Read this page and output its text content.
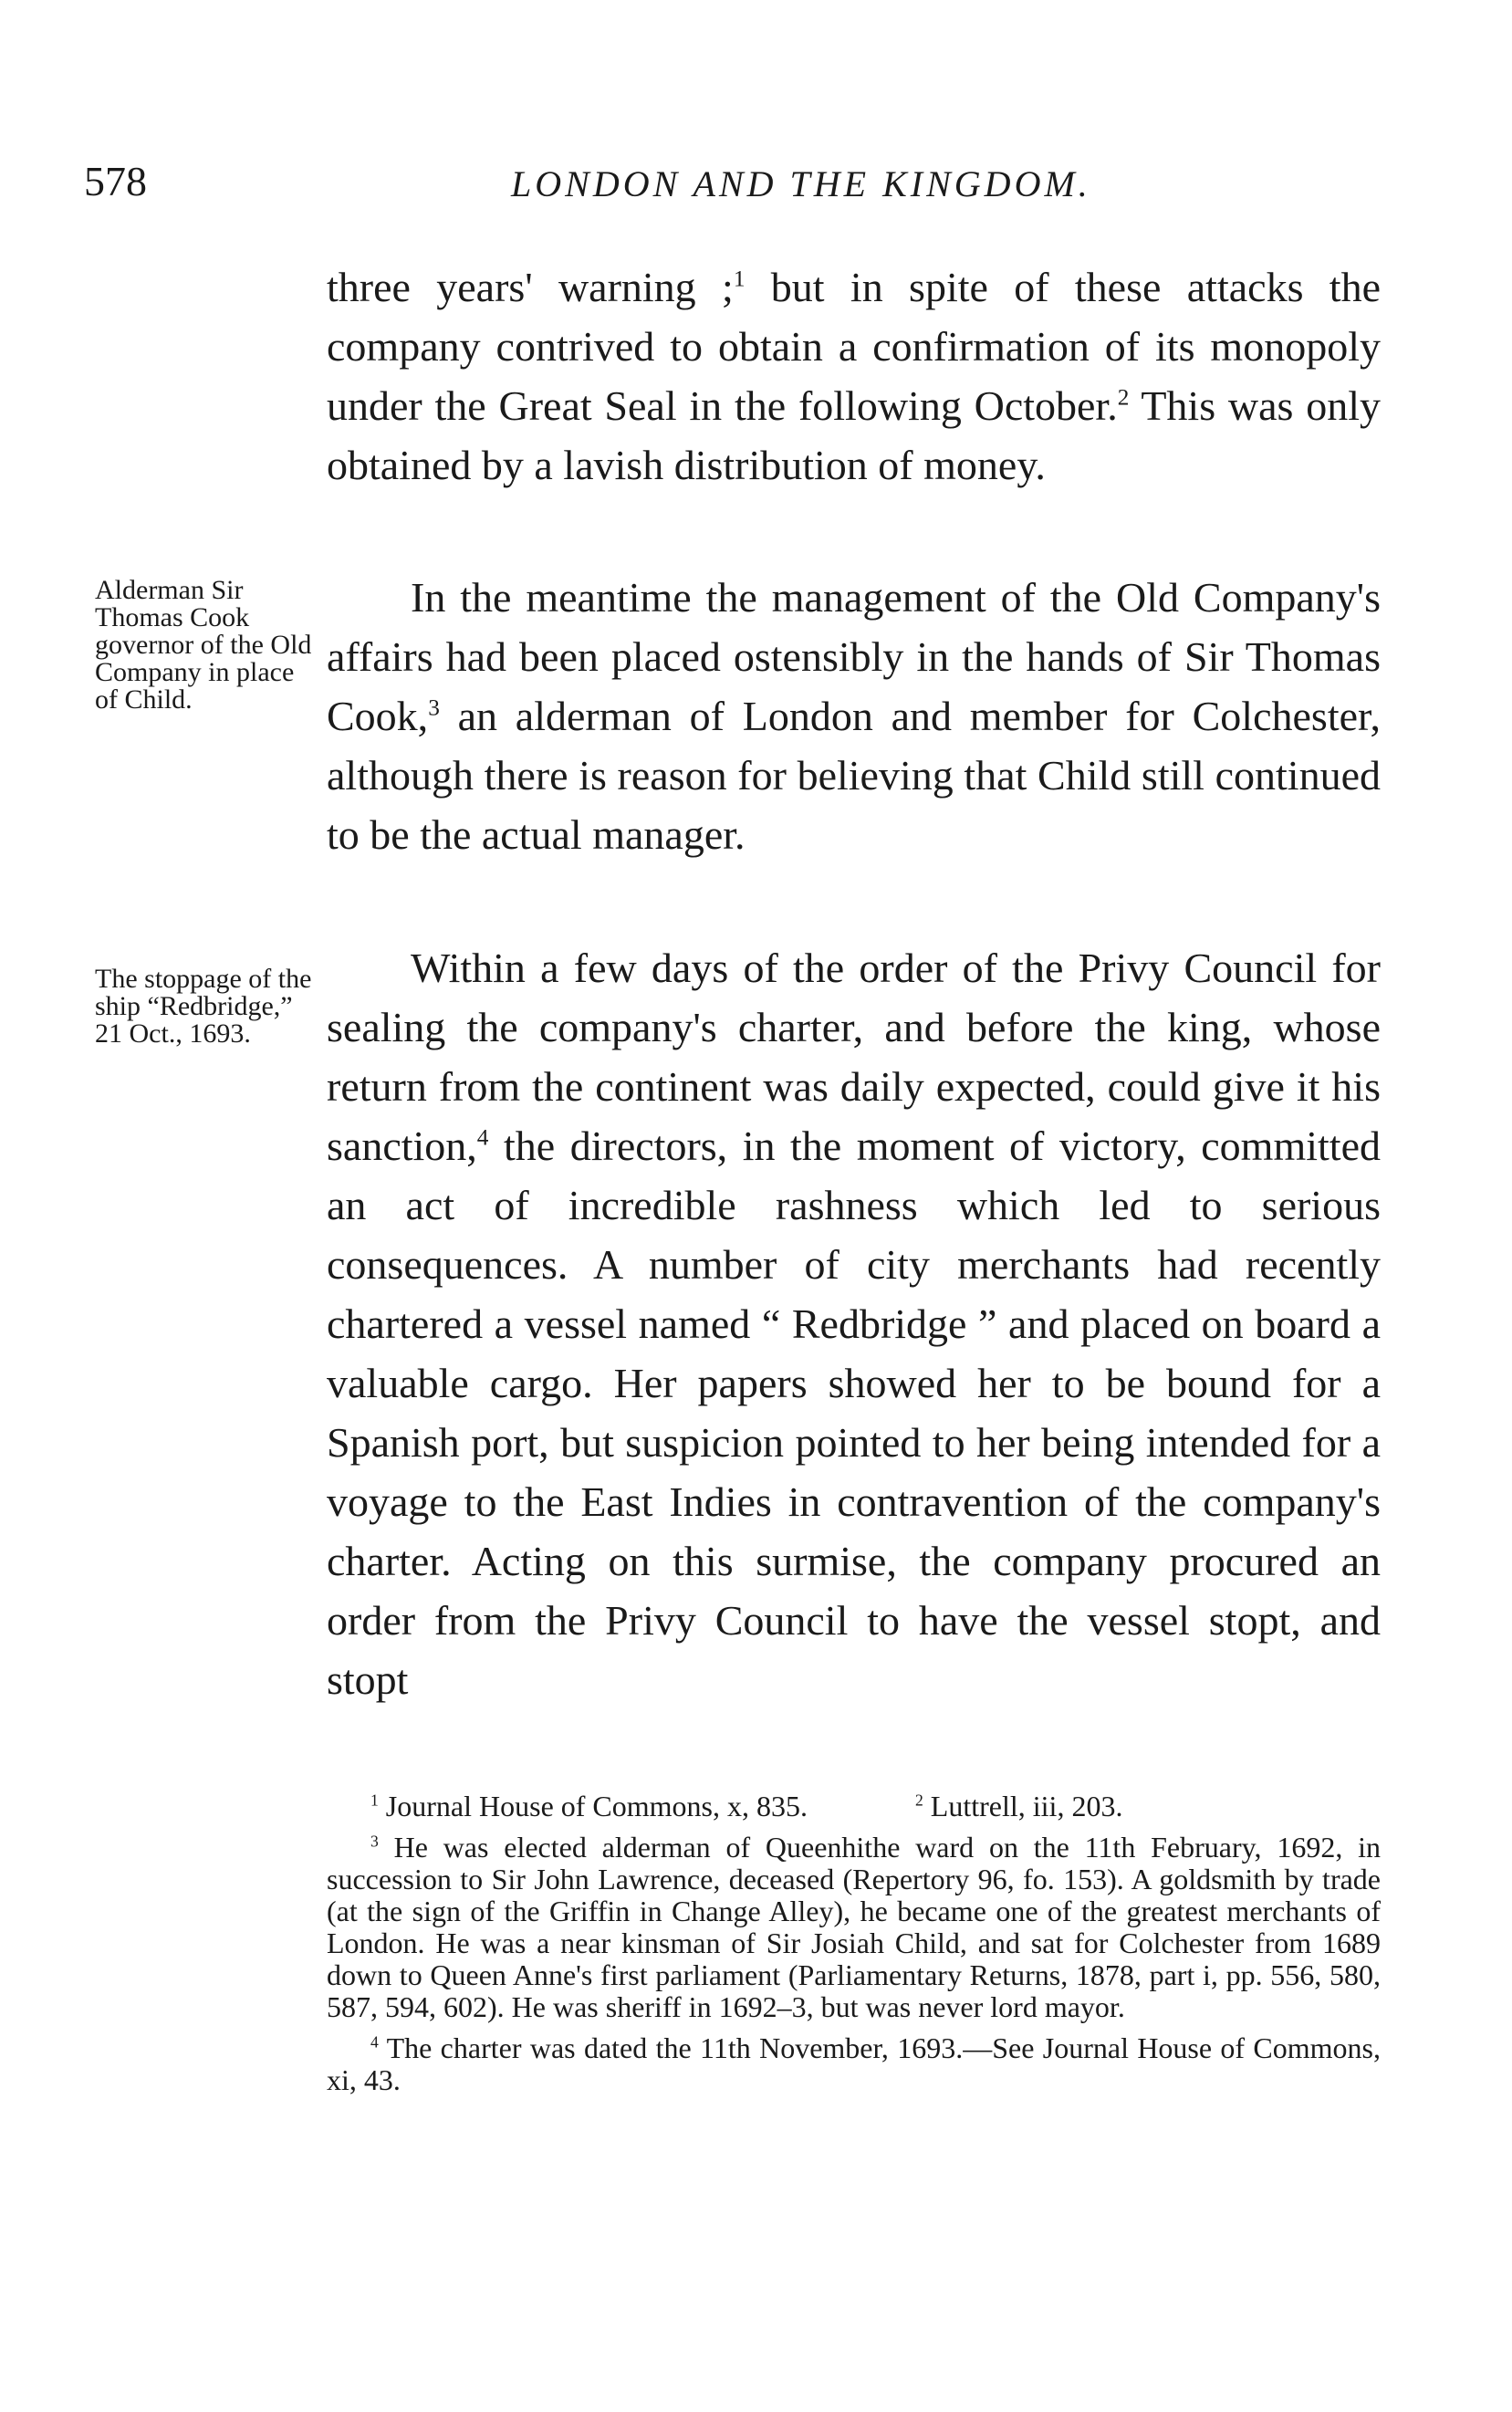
578	LONDON AND THE KINGDOM.

three years' warning ;$^1$ but in spite of these attacks the company contrived to obtain a confirmation of its monopoly under the Great Seal in the following October.$^2$ This was only obtained by a lavish distribution of money.

Alderman Sir Thomas Cook governor of the Old Company in place of Child.

In the meantime the management of the Old Company's affairs had been placed ostensibly in the hands of Sir Thomas Cook,$^3$ an alderman of London and member for Colchester, although there is reason for believing that Child still continued to be the actual manager.

The stoppage of the ship “Redbridge,” 21 Oct., 1693.

Within a few days of the order of the Privy Council for sealing the company's charter, and before the king, whose return from the continent was daily expected, could give it his sanction,$^4$ the directors, in the moment of victory, committed an act of incredible rashness which led to serious consequences. A number of city merchants had recently chartered a vessel named “ Redbridge ” and placed on board a valuable cargo. Her papers showed her to be bound for a Spanish port, but suspicion pointed to her being intended for a voyage to the East Indies in contravention of the company's charter. Acting on this surmise, the company procured an order from the Privy Council to have the vessel stopt, and stopt

$^1$ Journal House of Commons, x, 835.	$^2$ Luttrell, iii, 203.

$^3$ He was elected alderman of Queenhithe ward on the 11th February, 1692, in succession to Sir John Lawrence, deceased (Repertory 96, fo. 153). A goldsmith by trade (at the sign of the Griffin in Change Alley), he became one of the greatest merchants of London. He was a near kinsman of Sir Josiah Child, and sat for Colchester from 1689 down to Queen Anne's first parliament (Parliamentary Returns, 1878, part i, pp. 556, 580, 587, 594, 602). He was sheriff in 1692–3, but was never lord mayor.

$^4$ The charter was dated the 11th November, 1693.—See Journal House of Commons, xi, 43.
